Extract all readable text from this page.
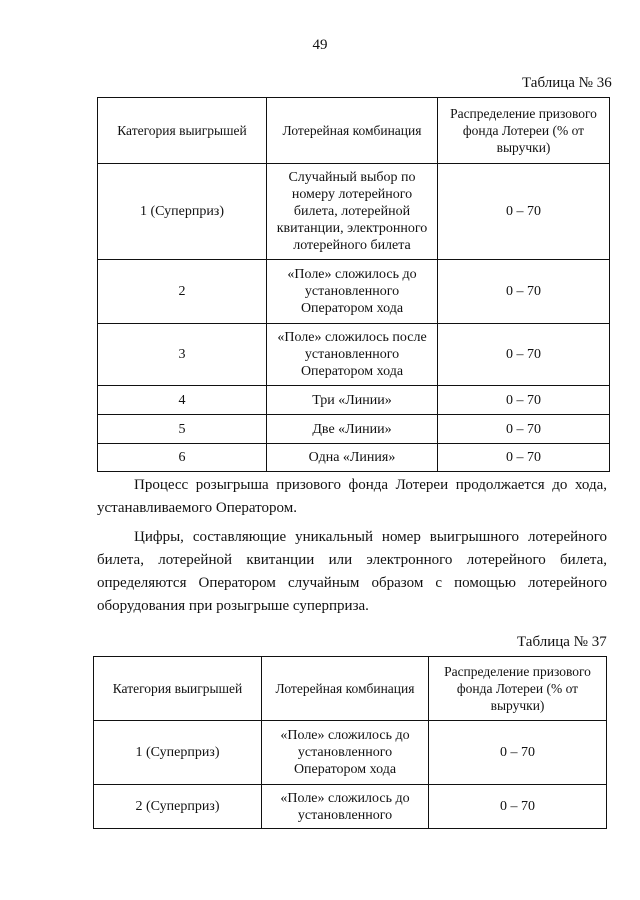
49
Таблица № 36
Категория выигрышей	Лотерейная комбинация	Распределение призового фонда Лотереи (% от выручки)
1 (Суперприз)	Случайный выбор по номеру лотерейного билета, лотерейной квитанции, электронного лотерейного билета	0 – 70
2	«Поле» сложилось до установленного Оператором хода	0 – 70
3	«Поле» сложилось после установленного Оператором хода	0 – 70
4	Три «Линии»	0 – 70
5	Две «Линии»	0 – 70
6	Одна «Линия»	0 – 70
Процесс розыгрыша призового фонда Лотереи продолжается до хода, устанавливаемого Оператором.
Цифры, составляющие уникальный номер выигрышного лотерейного билета, лотерейной квитанции или электронного лотерейного билета, определяются Оператором случайным образом с помощью лотерейного оборудования при розыгрыше суперприза.
Таблица № 37
Категория выигрышей	Лотерейная комбинация	Распределение призового фонда Лотереи (% от выручки)
1 (Суперприз)	«Поле» сложилось до установленного Оператором хода	0 – 70
2 (Суперприз)	«Поле» сложилось до установленного	0 – 70
